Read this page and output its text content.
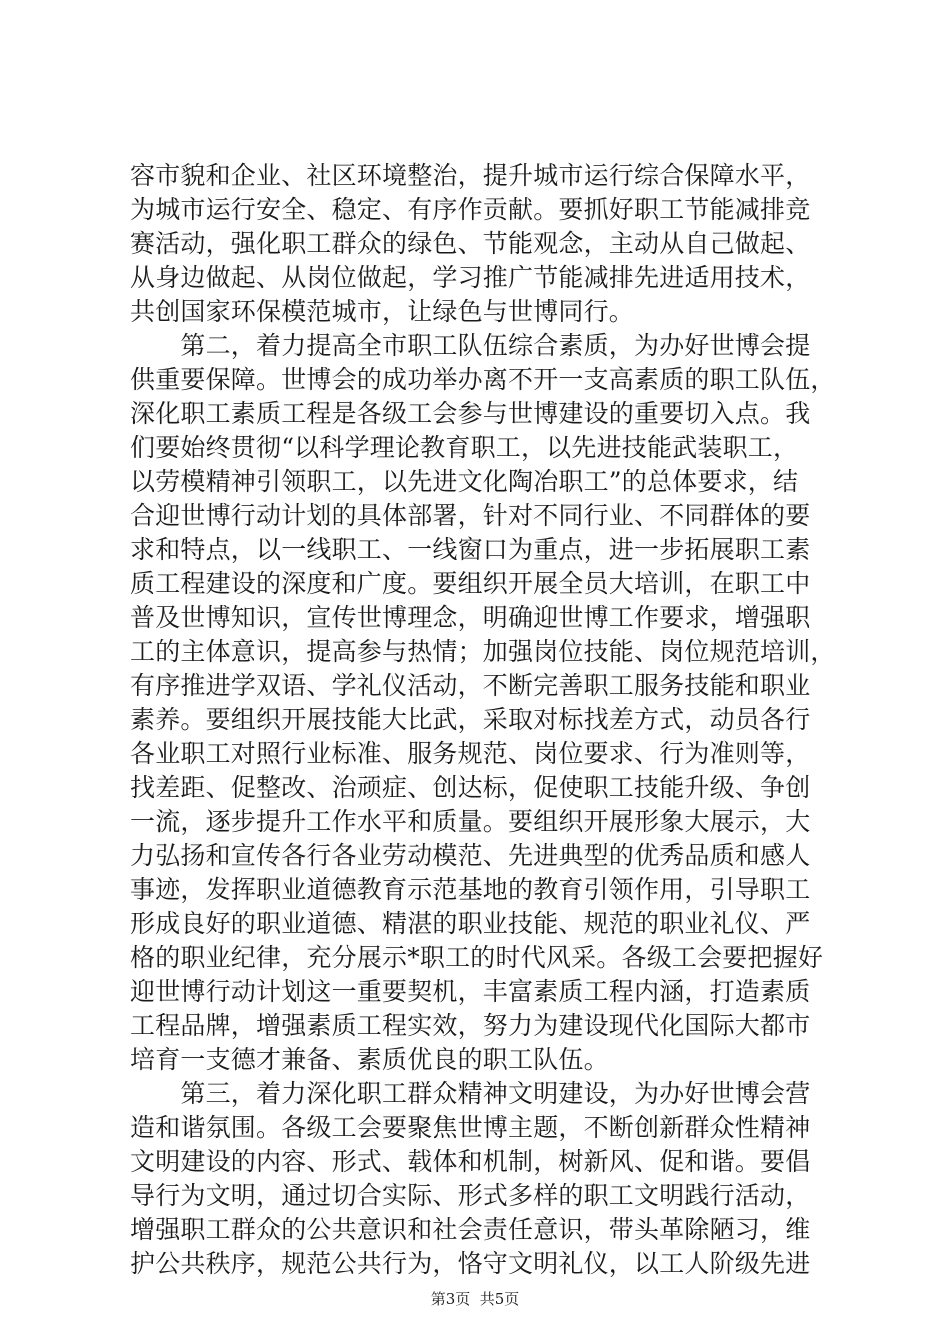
容市貌和企业、社区环境整治，提升城市运行综合保障水平，
为城市运行安全、稳定、有序作贡献。要抓好职工节能减排竞
赛活动，强化职工群众的绿色、节能观念，主动从自己做起、
从身边做起、从岗位做起，学习推广节能减排先进适用技术，
共创国家环保模范城市，让绿色与世博同行。
　　第二，着力提高全市职工队伍综合素质，为办好世博会提
供重要保障。世博会的成功举办离不开一支高素质的职工队伍，
深化职工素质工程是各级工会参与世博建设的重要切入点。我
们要始终贯彻“以科学理论教育职工，以先进技能武装职工，
以劳模精神引领职工，以先进文化陶冶职工”的总体要求，结
合迎世博行动计划的具体部署，针对不同行业、不同群体的要
求和特点，以一线职工、一线窗口为重点，进一步拓展职工素
质工程建设的深度和广度。要组织开展全员大培训，在职工中
普及世博知识，宣传世博理念，明确迎世博工作要求，增强职
工的主体意识，提高参与热情；加强岗位技能、岗位规范培训，
有序推进学双语、学礼仪活动，不断完善职工服务技能和职业
素养。要组织开展技能大比武，采取对标找差方式，动员各行
各业职工对照行业标准、服务规范、岗位要求、行为准则等，
找差距、促整改、治顽症、创达标，促使职工技能升级、争创
一流，逐步提升工作水平和质量。要组织开展形象大展示，大
力弘扬和宣传各行各业劳动模范、先进典型的优秀品质和感人
事迹，发挥职业道德教育示范基地的教育引领作用，引导职工
形成良好的职业道德、精湛的职业技能、规范的职业礼仪、严
格的职业纪律，充分展示*职工的时代风采。各级工会要把握好
迎世博行动计划这一重要契机，丰富素质工程内涵，打造素质
工程品牌，增强素质工程实效，努力为建设现代化国际大都市
培育一支德才兼备、素质优良的职工队伍。
　　第三，着力深化职工群众精神文明建设，为办好世博会营
造和谐氛围。各级工会要聚焦世博主题，不断创新群众性精神
文明建设的内容、形式、载体和机制，树新风、促和谐。要倡
导行为文明，通过切合实际、形式多样的职工文明践行活动，
增强职工群众的公共意识和社会责任意识，带头革除陋习，维
护公共秩序，规范公共行为，恪守文明礼仪，以工人阶级先进
第3页  共5页
